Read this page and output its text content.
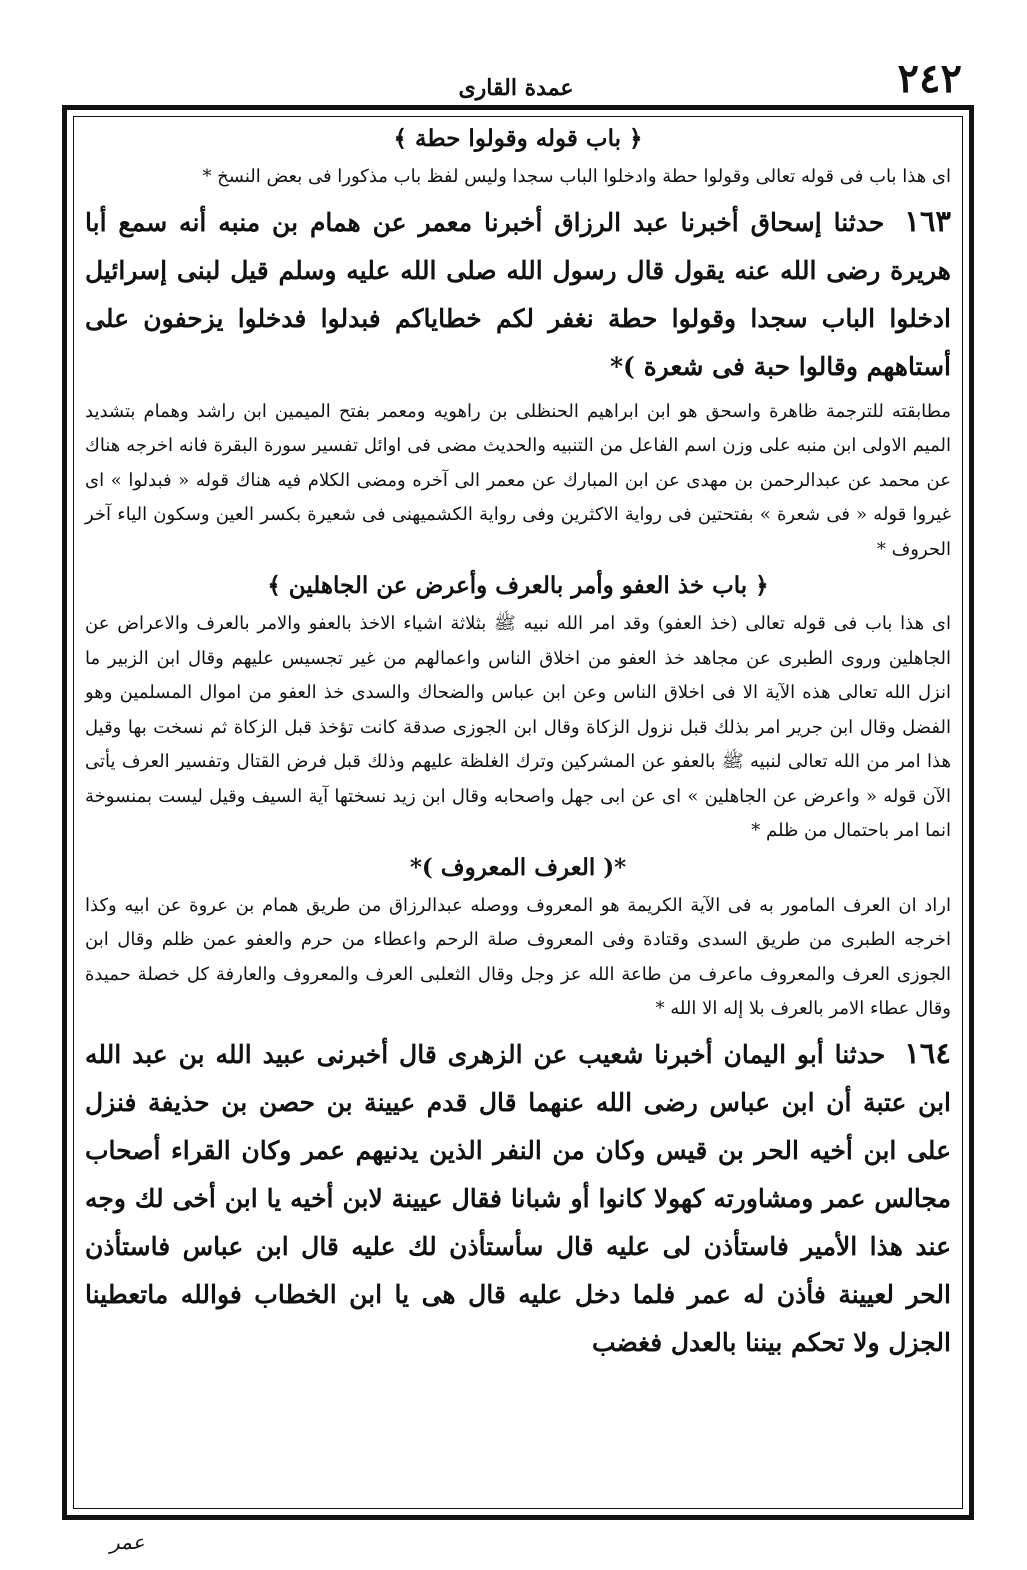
عمدة القارى	٢٤٢
﴿ باب قوله وقولوا حطة ﴾
اى هذا باب فى قوله تعالى وقولوا حطة وادخلوا الباب سجدا وليس لفظ باب مذكورا فى بعض النسخ *
١٦٣ حدثنا إسحاق أخبرنا عبد الرزاق أخبرنا معمر عن همام بن منبه أنه سمع أبا هريرة رضى الله عنه يقول قال رسول الله صلى الله عليه وسلم قيل لبنى إسرائيل ادخلوا الباب سجدا وقولوا حطة نغفر لكم خطاياكم فبدلوا فدخلوا يزحفون على أستاههم وقالوا حبة فى شعرة )*
مطابقته للترجمة ظاهرة واسحق هو ابن ابراهيم الحنظلى بن راهويه ومعمر بفتح الميمين ابن راشد وهمام بتشديد الميم الاولى ابن منبه على وزن اسم الفاعل من التنبيه والحديث مضى فى اوائل تفسير سورة البقرة فانه اخرجه هناك عن محمد عن عبدالرحمن بن مهدى عن ابن المبارك عن معمر الى آخره ومضى الكلام فيه هناك قوله « فبدلوا » اى غيروا قوله « فى شعرة » بفتحتين فى رواية الاكثرين وفى رواية الكشميهنى فى شعيرة بكسر العين وسكون الياء آخر الحروف *
﴿ باب خذ العفو وأمر بالعرف وأعرض عن الجاهلين ﴾
اى هذا باب فى قوله تعالى (خذ العفو) وقد امر الله نبيه ﷺ بثلاثة اشياء الاخذ بالعفو والامر بالعرف والاعراض عن الجاهلين وروى الطبرى عن مجاهد خذ العفو من اخلاق الناس واعمالهم من غير تجسيس عليهم وقال ابن الزبير ما انزل الله تعالى هذه الآية الا فى اخلاق الناس وعن ابن عباس والضحاك والسدى خذ العفو من اموال المسلمين وهو الفضل وقال ابن جرير امر بذلك قبل نزول الزكاة وقال ابن الجوزى صدقة كانت تؤخذ قبل الزكاة ثم نسخت بها وقيل هذا امر من الله تعالى لنبيه ﷺ بالعفو عن المشركين وترك الغلظة عليهم وذلك قبل فرض القتال وتفسير العرف يأتى الآن قوله « واعرض عن الجاهلين » اى عن ابى جهل واصحابه وقال ابن زيد نسختها آية السيف وقيل ليست بمنسوخة انما امر باحتمال من ظلم *
*( العرف المعروف )*
اراد ان العرف المامور به فى الآية الكريمة هو المعروف ووصله عبدالرزاق من طريق همام بن عروة عن ابيه وكذا اخرجه الطبرى من طريق السدى وقتادة وفى المعروف صلة الرحم واعطاء من حرم والعفو عمن ظلم وقال ابن الجوزى العرف والمعروف ماعرف من طاعة الله عز وجل وقال الثعلبى العرف والمعروف والعارفة كل خصلة حميدة وقال عطاء الامر بالعرف بلا إله الا الله *
١٦٤ حدثنا أبو اليمان أخبرنا شعيب عن الزهرى قال أخبرنى عبيد الله بن عبد الله ابن عتبة أن ابن عباس رضى الله عنهما قال قدم عيينة بن حصن بن حذيفة فنزل على ابن أخيه الحر بن قيس وكان من النفر الذين يدنيهم عمر وكان القراء أصحاب مجالس عمر ومشاورته كهولا كانوا أو شبانا فقال عيينة لابن أخيه يا ابن أخى لك وجه عند هذا الأمير فاستأذن لى عليه قال سأستأذن لك عليه قال ابن عباس فاستأذن الحر لعيينة فأذن له عمر فلما دخل عليه قال هى يا ابن الخطاب فوالله ماتعطينا الجزل ولا تحكم بيننا بالعدل فغضب
عمر
